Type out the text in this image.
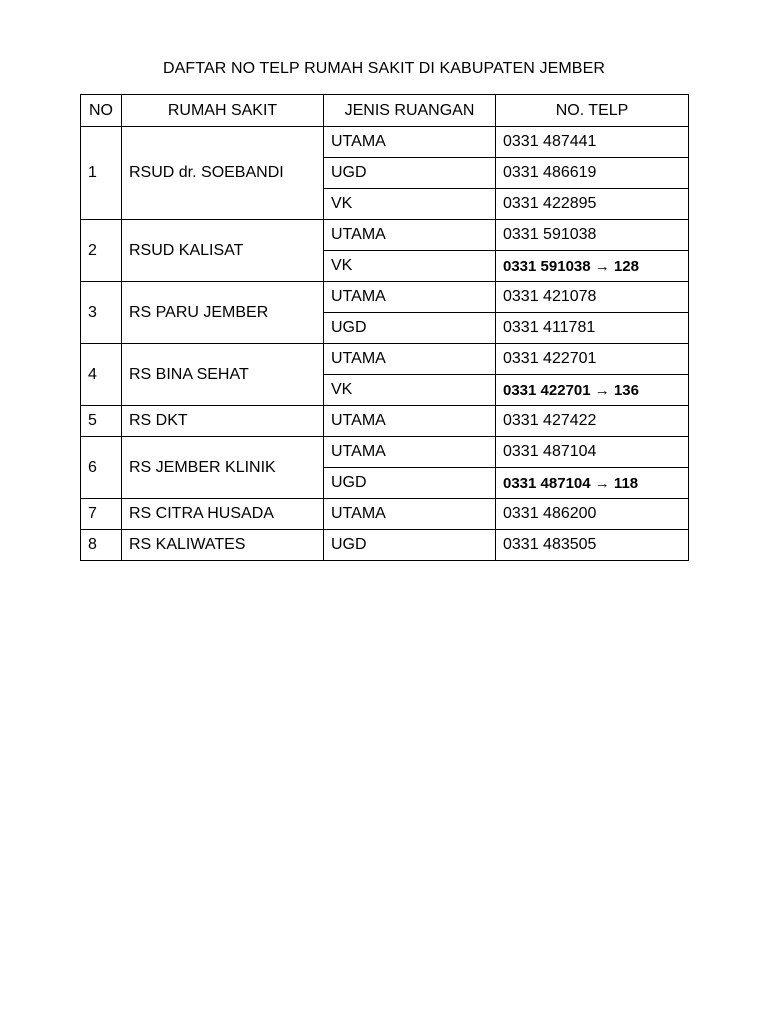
DAFTAR NO TELP RUMAH SAKIT DI KABUPATEN JEMBER
NO	RUMAH SAKIT	JENIS RUANGAN	NO. TELP
1	RSUD dr. SOEBANDI	UTAMA	0331 487441
		UGD	0331 486619
		VK	0331 422895
2	RSUD KALISAT	UTAMA	0331 591038
		VK	0331 591038 → 128
3	RS PARU JEMBER	UTAMA	0331 421078
		UGD	0331 411781
4	RS BINA SEHAT	UTAMA	0331 422701
		VK	0331 422701 → 136
5	RS DKT	UTAMA	0331 427422
6	RS JEMBER KLINIK	UTAMA	0331 487104
		UGD	0331 487104 → 118
7	RS CITRA HUSADA	UTAMA	0331 486200
8	RS KALIWATES	UGD	0331 483505
